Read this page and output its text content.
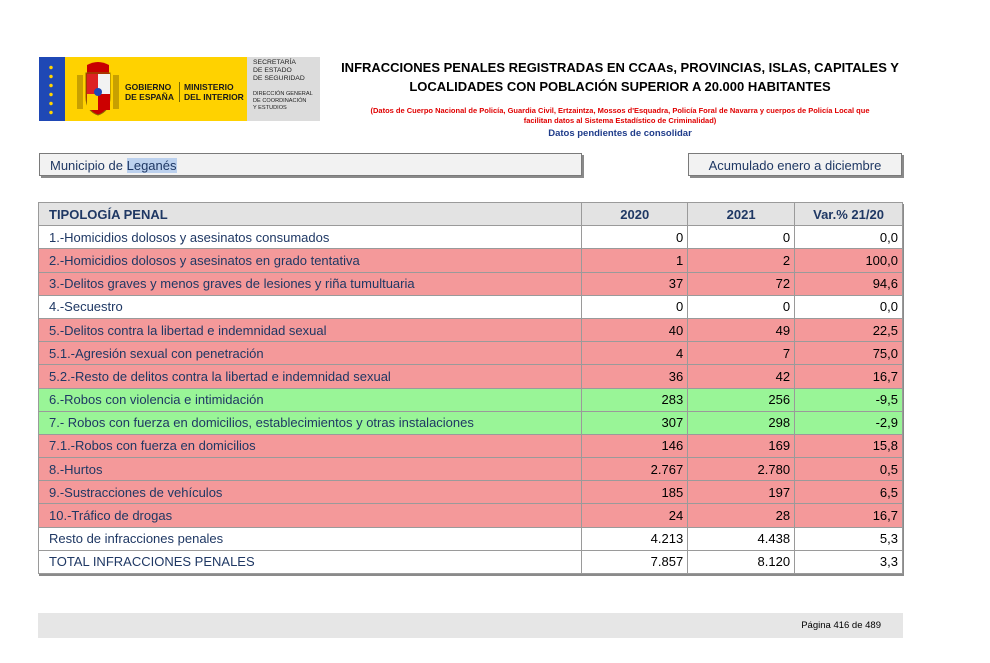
GOBIERNO
DE ESPAÑA
MINISTERIO
DEL INTERIOR
SECRETARÍA
DE ESTADO
DE SEGURIDAD
DIRECCIÓN GENERAL
DE COORDINACIÓN
Y ESTUDIOS
INFRACCIONES PENALES REGISTRADAS EN CCAAs, PROVINCIAS, ISLAS, CAPITALES Y
LOCALIDADES CON POBLACIÓN SUPERIOR A 20.000 HABITANTES
(Datos de Cuerpo Nacional de Policía, Guardia Civil, Ertzaintza, Mossos d'Esquadra, Policía Foral de Navarra y cuerpos de Policía Local que
facilitan datos al Sistema Estadístico de Criminalidad)
Datos pendientes de consolidar
Municipio de Leganés	Acumulado enero a diciembre
TIPOLOGÍA PENAL	2020	2021	Var.% 21/20
1.-Homicidios dolosos y asesinatos consumados	0	0	0,0
2.-Homicidios dolosos y asesinatos en grado tentativa	1	2	100,0
3.-Delitos graves y menos graves de lesiones y riña tumultuaria	37	72	94,6
4.-Secuestro	0	0	0,0
5.-Delitos contra la libertad e indemnidad sexual	40	49	22,5
5.1.-Agresión sexual con penetración	4	7	75,0
5.2.-Resto de delitos contra la libertad e indemnidad sexual	36	42	16,7
6.-Robos con violencia e intimidación	283	256	-9,5
7.- Robos con fuerza en domicilios, establecimientos y otras instalaciones	307	298	-2,9
7.1.-Robos con fuerza en domicilios	146	169	15,8
8.-Hurtos	2.767	2.780	0,5
9.-Sustracciones de vehículos	185	197	6,5
10.-Tráfico de drogas	24	28	16,7
Resto de infracciones penales	4.213	4.438	5,3
TOTAL INFRACCIONES PENALES	7.857	8.120	3,3
Página 416 de 489
